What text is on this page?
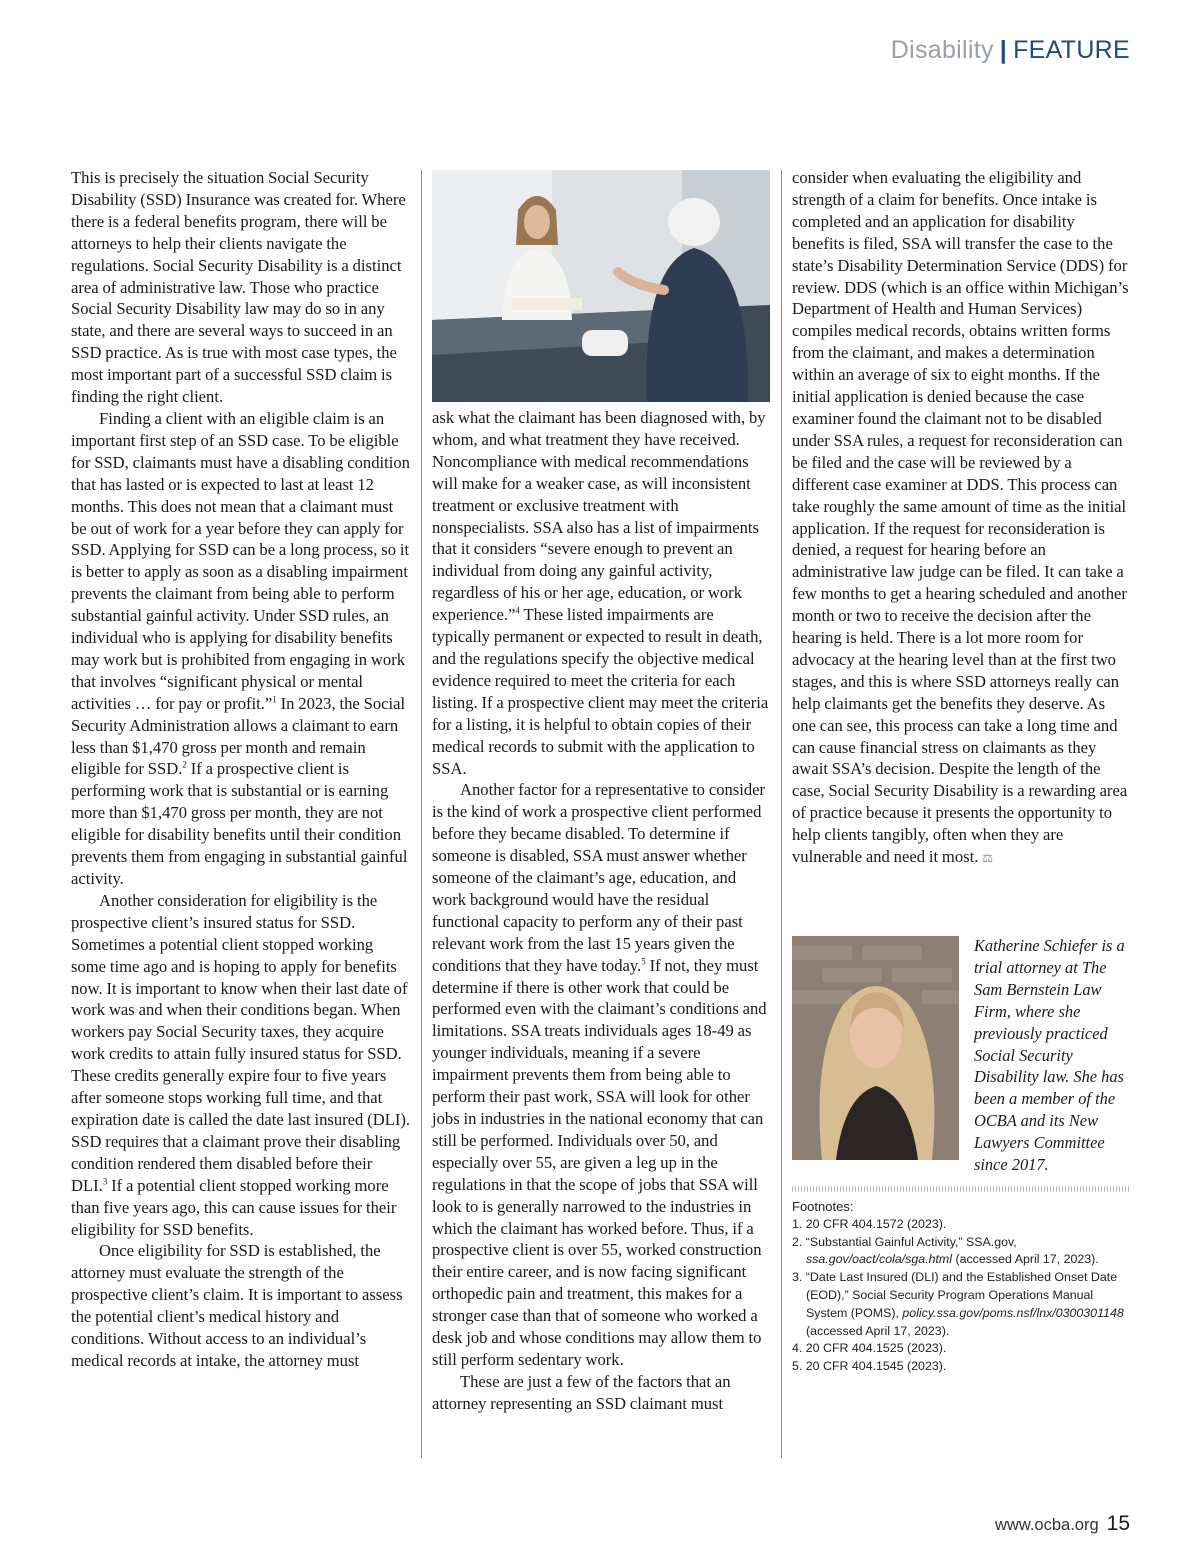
Disability | FEATURE

This is precisely the situation Social Security Disability (SSD) Insurance was created for. Where there is a federal benefits program, there will be attorneys to help their clients navigate the regulations. Social Security Disability is a distinct area of administrative law. Those who practice Social Security Disability law may do so in any state, and there are several ways to succeed in an SSD practice. As is true with most case types, the most important part of a successful SSD claim is finding the right client.

Finding a client with an eligible claim is an important first step of an SSD case. To be eligible for SSD, claimants must have a disabling condition that has lasted or is expected to last at least 12 months. This does not mean that a claimant must be out of work for a year before they can apply for SSD. Applying for SSD can be a long process, so it is better to apply as soon as a disabling impairment prevents the claimant from being able to perform substantial gainful activity. Under SSD rules, an individual who is applying for disability benefits may work but is prohibited from engaging in work that involves “significant physical or mental activities … for pay or profit.”$^1$ In 2023, the Social Security Administration allows a claimant to earn less than $1,470 gross per month and remain eligible for SSD.$^2$ If a prospective client is performing work that is substantial or is earning more than $1,470 gross per month, they are not eligible for disability benefits until their condition prevents them from engaging in substantial gainful activity.

Another consideration for eligibility is the prospective client’s insured status for SSD. Sometimes a potential client stopped working some time ago and is hoping to apply for benefits now. It is important to know when their last date of work was and when their conditions began. When workers pay Social Security taxes, they acquire work credits to attain fully insured status for SSD. These credits generally expire four to five years after someone stops working full time, and that expiration date is called the date last insured (DLI). SSD requires that a claimant prove their disabling condition rendered them disabled before their DLI.$^3$ If a potential client stopped working more than five years ago, this can cause issues for their eligibility for SSD benefits.

Once eligibility for SSD is established, the attorney must evaluate the strength of the prospective client’s claim. It is important to assess the potential client’s medical history and conditions. Without access to an individual’s medical records at intake, the attorney must

ask what the claimant has been diagnosed with, by whom, and what treatment they have received. Noncompliance with medical recommendations will make for a weaker case, as will inconsistent treatment or exclusive treatment with nonspecialists. SSA also has a list of impairments that it considers “severe enough to prevent an individual from doing any gainful activity, regardless of his or her age, education, or work experience.”$^4$ These listed impairments are typically permanent or expected to result in death, and the regulations specify the objective medical evidence required to meet the criteria for each listing. If a prospective client may meet the criteria for a listing, it is helpful to obtain copies of their medical records to submit with the application to SSA.

Another factor for a representative to consider is the kind of work a prospective client performed before they became disabled. To determine if someone is disabled, SSA must answer whether someone of the claimant’s age, education, and work background would have the residual functional capacity to perform any of their past relevant work from the last 15 years given the conditions that they have today.$^5$ If not, they must determine if there is other work that could be performed even with the claimant’s conditions and limitations. SSA treats individuals ages 18-49 as younger individuals, meaning if a severe impairment prevents them from being able to perform their past work, SSA will look for other jobs in industries in the national economy that can still be performed. Individuals over 50, and especially over 55, are given a leg up in the regulations in that the scope of jobs that SSA will look to is generally narrowed to the industries in which the claimant has worked before. Thus, if a prospective client is over 55, worked construction their entire career, and is now facing significant orthopedic pain and treatment, this makes for a stronger case than that of someone who worked a desk job and whose conditions may allow them to still perform sedentary work.

These are just a few of the factors that an attorney representing an SSD claimant must

consider when evaluating the eligibility and strength of a claim for benefits. Once intake is completed and an application for disability benefits is filed, SSA will transfer the case to the state’s Disability Determination Service (DDS) for review. DDS (which is an office within Michigan’s Department of Health and Human Services) compiles medical records, obtains written forms from the claimant, and makes a determination within an average of six to eight months. If the initial application is denied because the case examiner found the claimant not to be disabled under SSA rules, a request for reconsideration can be filed and the case will be reviewed by a different case examiner at DDS. This process can take roughly the same amount of time as the initial application. If the request for reconsideration is denied, a request for hearing before an administrative law judge can be filed. It can take a few months to get a hearing scheduled and another month or two to receive the decision after the hearing is held. There is a lot more room for advocacy at the hearing level than at the first two stages, and this is where SSD attorneys really can help claimants get the benefits they deserve. As one can see, this process can take a long time and can cause financial stress on claimants as they await SSA’s decision. Despite the length of the case, Social Security Disability is a rewarding area of practice because it presents the opportunity to help clients tangibly, often when they are vulnerable and need it most. ⚖

Katherine Schiefer is a trial attorney at The Sam Bernstein Law Firm, where she previously practiced Social Security Disability law. She has been a member of the OCBA and its New Lawyers Committee since 2017.

Footnotes:

1. 20 CFR 404.1572 (2023).
2. “Substantial Gainful Activity,” SSA.gov, ssa.gov/oact/cola/sga.html (accessed April 17, 2023).
3. “Date Last Insured (DLI) and the Established Onset Date (EOD),” Social Security Program Operations Manual System (POMS), policy.ssa.gov/poms.nsf/lnx/0300301148 (accessed April 17, 2023).
4. 20 CFR 404.1525 (2023).
5. 20 CFR 404.1545 (2023).
www.ocba.org 15
